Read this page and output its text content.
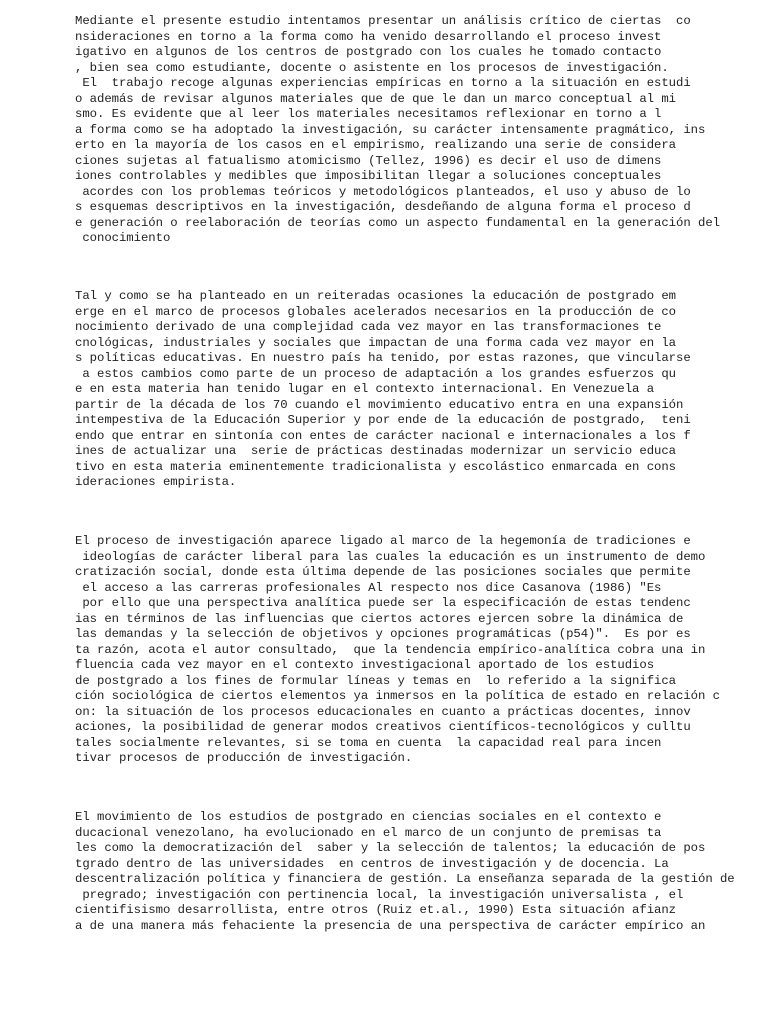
Mediante el presente estudio intentamos presentar un análisis crítico de ciertas  co
nsideraciones en torno a la forma como ha venido desarrollando el proceso invest
igativo en algunos de los centros de postgrado con los cuales he tomado contacto
, bien sea como estudiante, docente o asistente en los procesos de investigación.
El  trabajo recoge algunas experiencias empíricas en torno a la situación en estudi
o además de revisar algunos materiales que de que le dan un marco conceptual al mi
smo. Es evidente que al leer los materiales necesitamos reflexionar en torno a l
a forma como se ha adoptado la investigación, su carácter intensamente pragmático, ins
erto en la mayoría de los casos en el empirismo, realizando una serie de considera
ciones sujetas al fatualismo atomicismo (Tellez, 1996) es decir el uso de dimens
iones controlables y medibles que imposibilitan llegar a soluciones conceptuales
acordes con los problemas teóricos y metodológicos planteados, el uso y abuso de lo
s esquemas descriptivos en la investigación, desdeñando de alguna forma el proceso d
e generación o reelaboración de teorías como un aspecto fundamental en la generación del
conocimiento
Tal y como se ha planteado en un reiteradas ocasiones la educación de postgrado em
erge en el marco de procesos globales acelerados necesarios en la producción de co
nocimiento derivado de una complejidad cada vez mayor en las transformaciones te
cnológicas, industriales y sociales que impactan de una forma cada vez mayor en la
s políticas educativas. En nuestro país ha tenido, por estas razones, que vincularse
a estos cambios como parte de un proceso de adaptación a los grandes esfuerzos qu
e en esta materia han tenido lugar en el contexto internacional. En Venezuela a
partir de la década de los 70 cuando el movimiento educativo entra en una expansión
intempestiva de la Educación Superior y por ende de la educación de postgrado,  teni
endo que entrar en sintonía con entes de carácter nacional e internacionales a los f
ines de actualizar una  serie de prácticas destinadas modernizar un servicio educa
tivo en esta materia eminentemente tradicionalista y escolástico enmarcada en cons
ideraciones empirista.
El proceso de investigación aparece ligado al marco de la hegemonía de tradiciones e
ideologías de carácter liberal para las cuales la educación es un instrumento de demo
cratización social, donde esta última depende de las posiciones sociales que permite
el acceso a las carreras profesionales Al respecto nos dice Casanova (1986) "Es
por ello que una perspectiva analítica puede ser la especificación de estas tendenc
ias en términos de las influencias que ciertos actores ejercen sobre la dinámica de
las demandas y la selección de objetivos y opciones programáticas (p54)".  Es por es
ta razón, acota el autor consultado,  que la tendencia empírico-analítica cobra una in
fluencia cada vez mayor en el contexto investigacional aportado de los estudios
de postgrado a los fines de formular líneas y temas en  lo referido a la significa
ción sociológica de ciertos elementos ya inmersos en la política de estado en relación c
on: la situación de los procesos educacionales en cuanto a prácticas docentes, innov
aciones, la posibilidad de generar modos creativos científicos-tecnológicos y culltu
tales socialmente relevantes, si se toma en cuenta  la capacidad real para incen
tivar procesos de producción de investigación.
El movimiento de los estudios de postgrado en ciencias sociales en el contexto e
ducacional venezolano, ha evolucionado en el marco de un conjunto de premisas ta
les como la democratización del  saber y la selección de talentos; la educación de pos
tgrado dentro de las universidades  en centros de investigación y de docencia. La
descentralización política y financiera de gestión. La enseñanza separada de la gestión de
pregrado; investigación con pertinencia local, la investigación universalista , el
cientifisismo desarrollista, entre otros (Ruiz et.al., 1990) Esta situación afianz
a de una manera más fehaciente la presencia de una perspectiva de carácter empírico an
